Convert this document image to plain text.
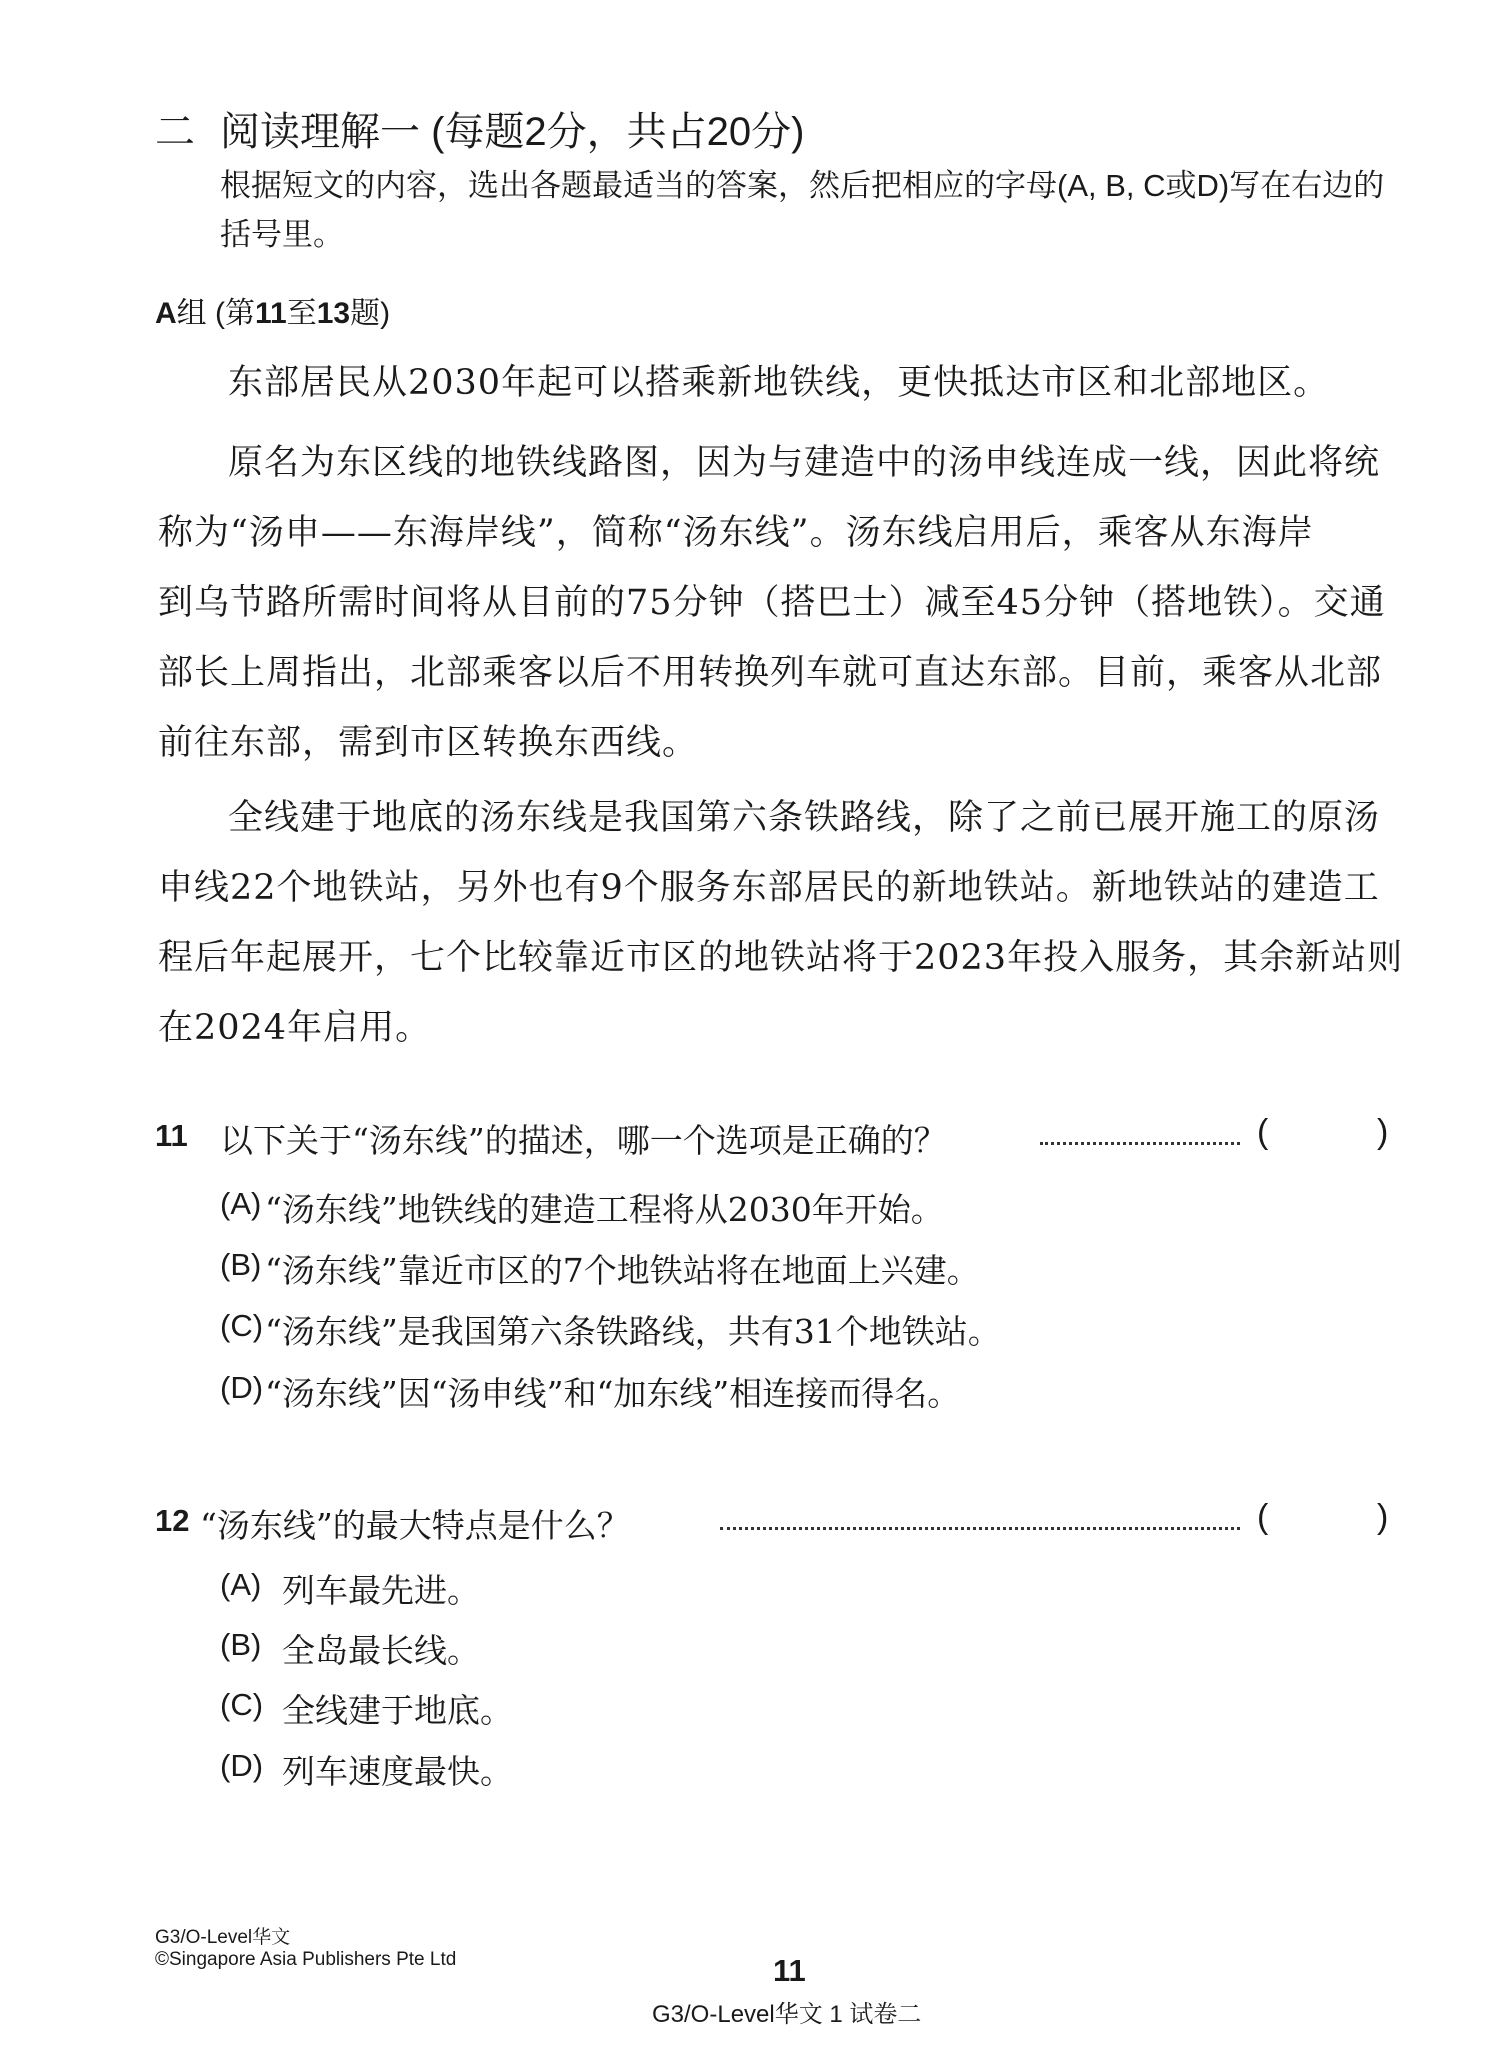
二 阅读理解一 (每题2分，共占20分)
根据短文的内容，选出各题最适当的答案，然后把相应的字母(A, B, C或D)写在右边的
括号里。
A组 (第11至13题)
东部居民从2030年起可以搭乘新地铁线，更快抵达市区和北部地区。
原名为东区线的地铁线路图，因为与建造中的汤申线连成一线，因此将统
称为“汤申——东海岸线”，简称“汤东线”。汤东线启用后，乘客从东海岸
到乌节路所需时间将从目前的75分钟（搭巴士）减至45分钟（搭地铁）。交通
部长上周指出，北部乘客以后不用转换列车就可直达东部。目前，乘客从北部
前往东部，需到市区转换东西线。
全线建于地底的汤东线是我国第六条铁路线，除了之前已展开施工的原汤
申线22个地铁站，另外也有9个服务东部居民的新地铁站。新地铁站的建造工
程后年起展开，七个比较靠近市区的地铁站将于2023年投入服务，其余新站则
在2024年启用。
11 以下关于“汤东线”的描述，哪一个选项是正确的？	(	)
(A) “汤东线”地铁线的建造工程将从2030年开始。
(B) “汤东线”靠近市区的7个地铁站将在地面上兴建。
(C) “汤东线”是我国第六条铁路线，共有31个地铁站。
(D) “汤东线”因“汤申线”和“加东线”相连接而得名。
12 “汤东线”的最大特点是什么？	(	)
(A) 列车最先进。
(B) 全岛最长线。
(C) 全线建于地底。
(D) 列车速度最快。
G3/O-Level华文
©Singapore Asia Publishers Pte Ltd	11
G3/O-Level华文 1 试卷二
